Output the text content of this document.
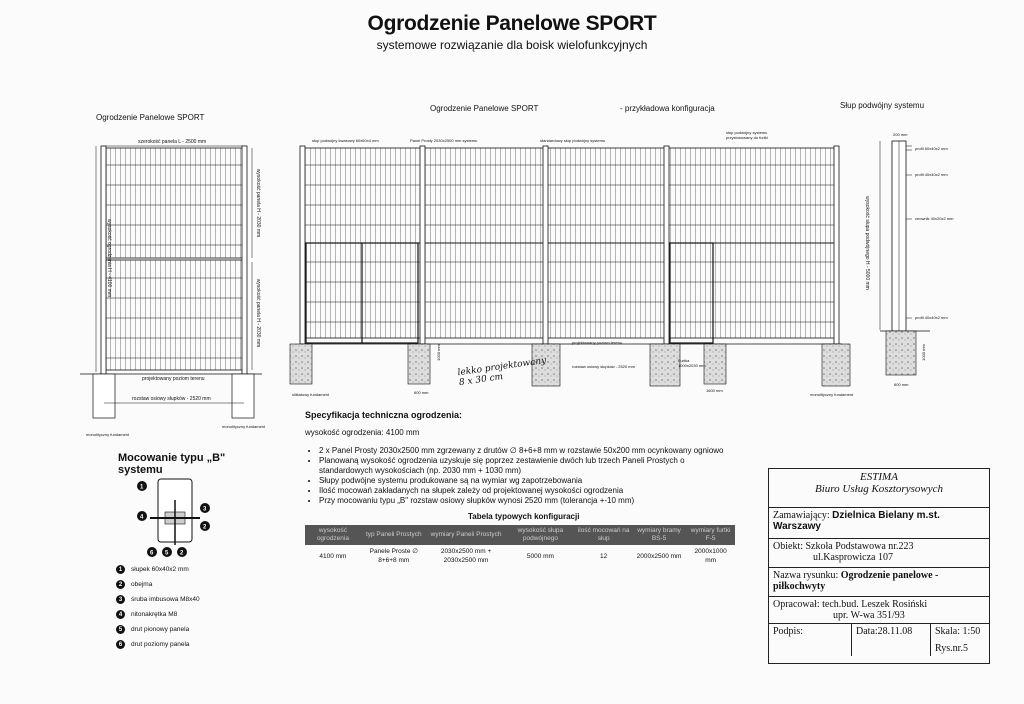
Ogrodzenie Panelowe SPORT
systemowe rozwiązanie dla boisk wielofunkcyjnych
Ogrodzenie Panelowe SPORT
Ogrodzenie Panelowe SPORT	- przykładowa konfiguracja	Słup podwójny systemu
1
3
4
2
6 5 2
szerokość panela L - 2500 mm
wysokość ogrodzenia H - 4100 mm
wysokość panela H - 2030 mm
wysokość panela H - 2030 mm
projektowany poziom terenu
rozstaw osiowy słupków - 2520 mm
monolityczny fundament
monolityczny fundament
słup podwójny kwasowy 60x60x4 mm	Panel Prosty 2030x2500 mm systemu	standardowy słup podwójny systemu
słup podwójny systemu przystosowany do furtki
projektowany poziom terenu
rozstaw osiowy słupków - 2520 mm
silikatowy fundament	600 mm
1000 mm
1600 mm
Furtka 1000x2030 mm
lekko projektowany
8 x 30 cm
200 mm
profil 60x40x2 mm
profil 40x40x2 mm
ceownik 40x20x2 mm
profil 40x40x2 mm
wysokość słupa podwójnego H - 5000 mm
monolityczny fundament
600 mm
1000 mm
Specyfikacja techniczna ogrodzenia:
wysokość ogrodzenia: 4100 mm
• 2 x Panel Prosty 2030x2500 mm zgrzewany z drutów ∅ 8+6+8 mm w rozstawie 50x200 mm ocynkowany ogniowo
• Planowaną wysokość ogrodzenia uzyskuje się poprzez zestawienie dwóch lub trzech Paneli Prostych o standardowych wysokościach (np. 2030 mm + 1030 mm)
• Słupy podwójne systemu produkowane są na wymiar wg zapotrzebowania
• Ilość mocowań zakładanych na słupek zależy od projektowanej wysokości ogrodzenia
• Przy mocowaniu typu „B" rozstaw osiowy słupków wynosi 2520 mm (tolerancja +-10 mm)
Mocowanie typu „B"
systemu
1	słupek 60x40x2 mm
2	obejma
3	śruba imbusowa M8x40
4	nitonakrętka M8
5	drut pionowy panela
6	drut poziomy panela
Tabela typowych konfiguracji
wysokość ogrodzenia	typ Paneli Prostych	wymiary Paneli Prostych	wysokość słupa podwójnego	ilość mocowań na słup	wymiary bramy BS-5	wymiary furtki F-5
4100 mm	Panele Proste ∅ 8+6+8 mm	2030x2500 mm + 2030x2500 mm	5000 mm	12	2000x2500 mm	2000x1000 mm
ESTIMA
Biuro Usług Kosztorysowych
Zamawiający: Dzielnica Bielany m.st. Warszawy
Obiekt: Szkoła Podstawowa nr.223
ul.Kasprowicza 107
Nazwa rysunku: Ogrodzenie panelowe - piłkochwyty
Opracował: tech.bud. Leszek Rosiński
upr. W-wa 351/93
Podpis:	Data:28.11.08	Skala: 1:50
Rys.nr.5
